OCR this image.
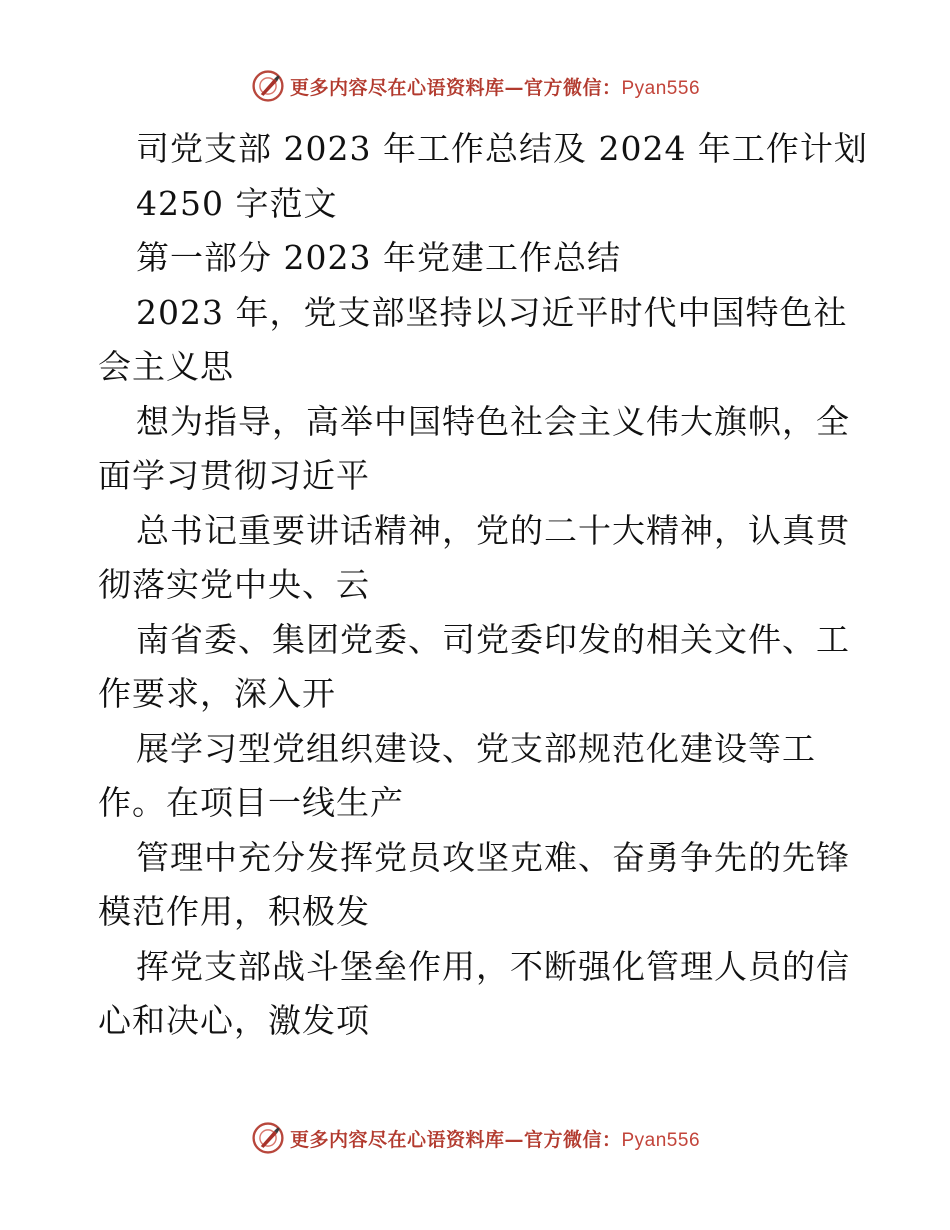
更多内容尽在心语资料库—官方微信：Pyan556
司党支部 2023 年工作总结及 2024 年工作计划
4250 字范文
第一部分 2023 年党建工作总结
2023 年，党支部坚持以习近平时代中国特色社
会主义思
想为指导，高举中国特色社会主义伟大旗帜，全
面学习贯彻习近平
总书记重要讲话精神，党的二十大精神，认真贯
彻落实党中央、云
南省委、集团党委、司党委印发的相关文件、工
作要求，深入开
展学习型党组织建设、党支部规范化建设等工
作。在项目一线生产
管理中充分发挥党员攻坚克难、奋勇争先的先锋
模范作用，积极发
挥党支部战斗堡垒作用，不断强化管理人员的信
心和决心，激发项
更多内容尽在心语资料库—官方微信：Pyan556
